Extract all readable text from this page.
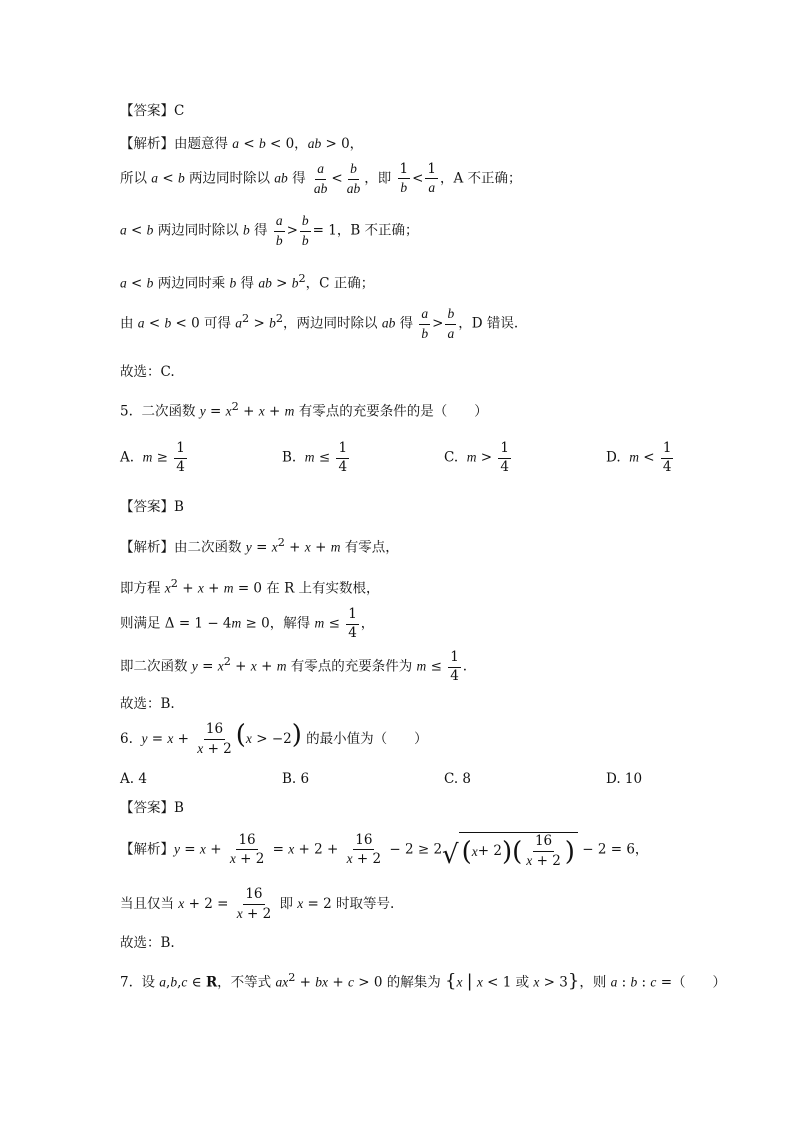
【答案】C
【解析】由题意得 a < b < 0，ab > 0，
所以 a < b 两边同时除以 ab 得 $\frac{a}{ab} < \frac{b}{ab}$ ，即 $\frac{1}{b} < \frac{1}{a}$ ，A 不正确；
a < b 两边同时除以 b 得 $\frac{a}{b} > \frac{b}{b} = 1$，B 不正确；
a < b 两边同时乘 b 得 ab > $b^2$，C 正确；
由 a < b < 0 可得 $a^2 > b^2$，两边同时除以 ab 得 $\frac{a}{b} > \frac{b}{a}$ ，D 错误.
故选：C.
5.  二次函数 $y = x^2 + x + m$ 有零点的充要条件的是（　　）
A.  $m \ge \frac{1}{4}$	B.  $m \le \frac{1}{4}$	C.  $m > \frac{1}{4}$	D.  $m < \frac{1}{4}$
【答案】B
【解析】由二次函数 $y = x^2 + x + m$ 有零点，
即方程 $x^2 + x + m = 0$ 在 R 上有实数根，
则满足 Δ = 1 − 4m ≥ 0，解得 $m \le \frac{1}{4}$ ，
即二次函数 $y = x^2 + x + m$ 有零点的充要条件为 $m \le \frac{1}{4}$ .
故选：B.
6.  $y = x + \frac{16}{x + 2} (x > -2)$ 的最小值为（　　）
A. 4	B. 6	C. 8	D. 10
【答案】B
【解析】$y = x + \frac{16}{x + 2} = x + 2 + \frac{16}{x + 2} - 2 \ge 2$ √ ( x + 2 ) ( $\frac{16}{x + 2}$ ) − 2 = 6，
当且仅当 $x + 2 = \frac{16}{x + 2}$ 即 x = 2 时取等号.
故选：B.
7.  设 a,b,c ∈ R，不等式 $ax^2$ + bx + c > 0 的解集为 {x | x < 1 或 x > 3}，则 a : b : c =（　　）
